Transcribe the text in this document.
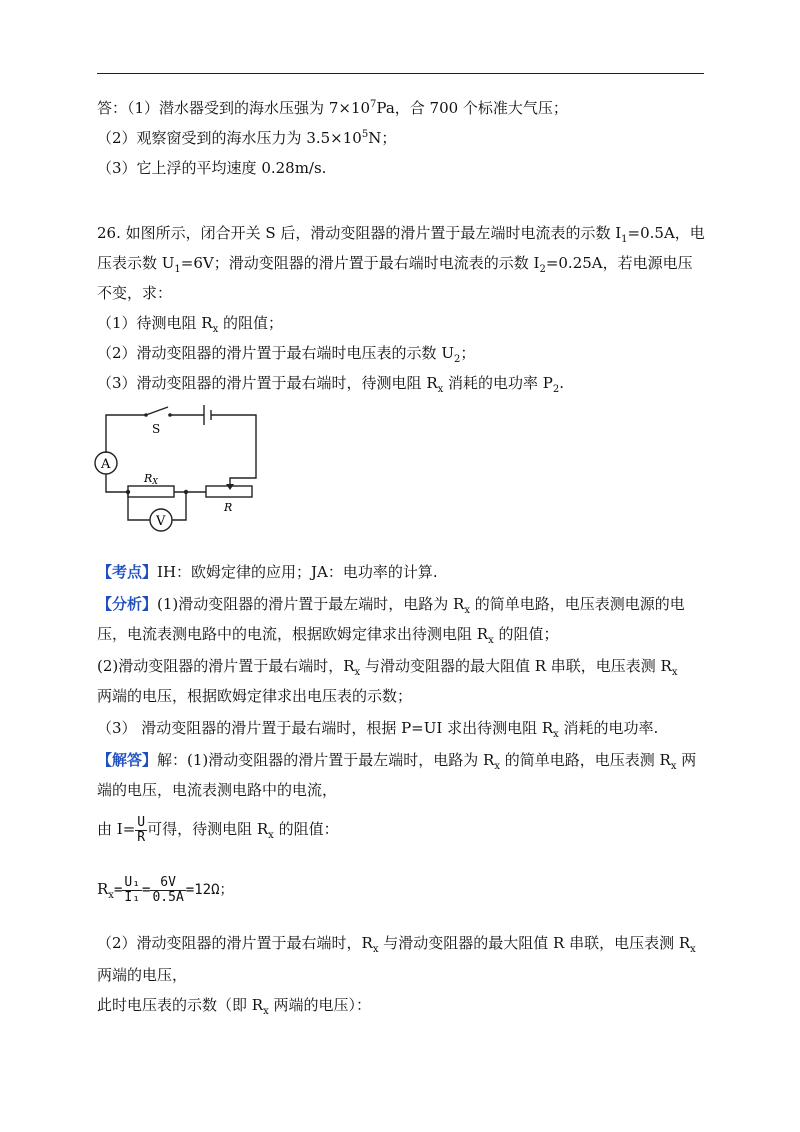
答：（1）潜水器受到的海水压强为 $7\times 10^7Pa$，合 700 个标准大气压；
（2）观察窗受到的海水压力为 $3.5\times 10^5N$；
（3）它上浮的平均速度 0.28m/s.
26. 如图所示，闭合开关 S 后，滑动变阻器的滑片置于最左端时电流表的示数 $I_1=0.5A$，电
压表示数 $U_1=6V$；滑动变阻器的滑片置于最右端时电流表的示数 $I_2=0.25A$，若电源电压
不变，求：
（1）待测电阻 $R_x$ 的阻值；
（2）滑动变阻器的滑片置于最右端时电压表的示数 $U_2$；
（3）滑动变阻器的滑片置于最右端时，待测电阻 $R_x$ 消耗的电功率 $P_2$.
S
A
V
RX
R
【考点】IH：欧姆定律的应用；JA：电功率的计算.
【分析】(1)滑动变阻器的滑片置于最左端时，电路为 $R_x$ 的简单电路，电压表测电源的电
压，电流表测电路中的电流，根据欧姆定律求出待测电阻 $R_x$ 的阻值；
(2)滑动变阻器的滑片置于最右端时，$R_x$ 与滑动变阻器的最大阻值 R 串联，电压表测 $R_x$
两端的电压，根据欧姆定律求出电压表的示数；
（3） 滑动变阻器的滑片置于最右端时，根据 P=UI 求出待测电阻 $R_x$ 消耗的电功率.
【解答】解：(1)滑动变阻器的滑片置于最左端时，电路为 $R_x$ 的简单电路，电压表测 $R_x$ 两
端的电压，电流表测电路中的电流，
由 $I= \frac{U}{R}$ 可得，待测电阻 $R_x$ 的阻值：
$R_x= \frac{\text{U₁}}{\text{I₁}} = \frac{6V}{0.5A} =12\Omega$；
（2）滑动变阻器的滑片置于最右端时，$R_x$ 与滑动变阻器的最大阻值 R 串联，电压表测 $R_x$
两端的电压，
此时电压表的示数（即 $R_x$ 两端的电压）：
